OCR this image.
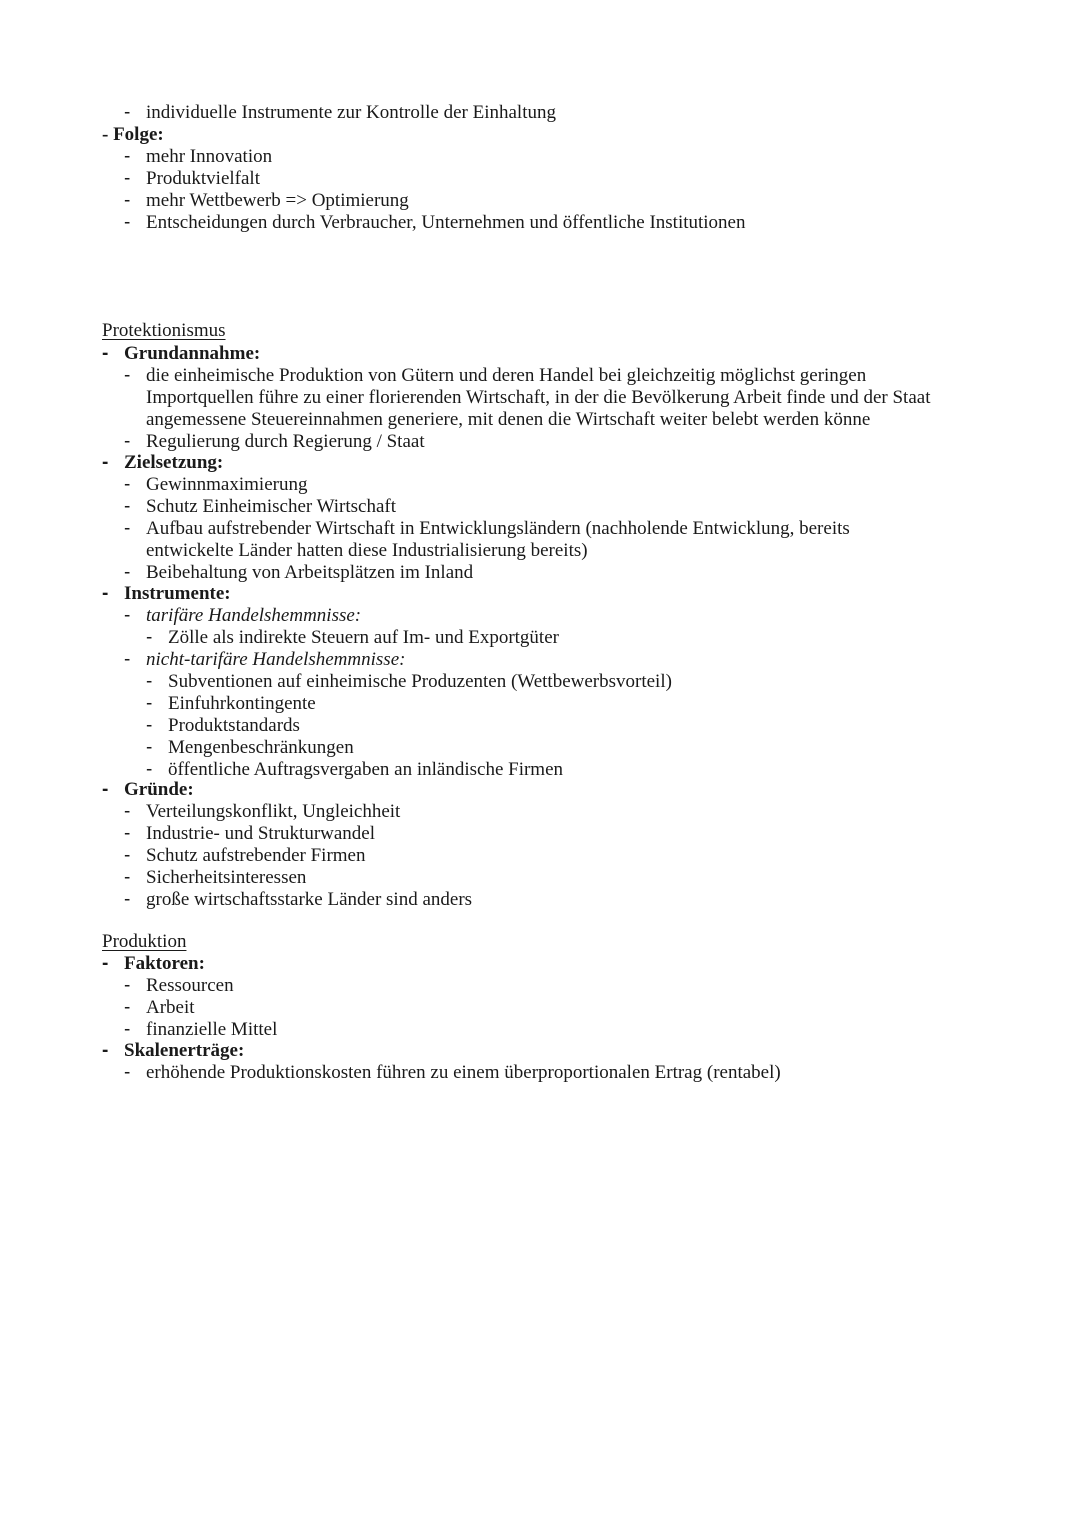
- individuelle Instrumente zur Kontrolle der Einhaltung
- Folge:
- mehr Innovation
- Produktvielfalt
- mehr Wettbewerb => Optimierung
- Entscheidungen durch Verbraucher, Unternehmen und öffentliche Institutionen
Protektionismus
- Grundannahme:
- die einheimische Produktion von Gütern und deren Handel bei gleichzeitig möglichst geringen
Importquellen führe zu einer florierenden Wirtschaft, in der die Bevölkerung Arbeit finde und der Staat
angemessene Steuereinnahmen generiere, mit denen die Wirtschaft weiter belebt werden könne
- Regulierung durch Regierung / Staat
- Zielsetzung:
- Gewinnmaximierung
- Schutz Einheimischer Wirtschaft
- Aufbau aufstrebender Wirtschaft in Entwicklungsländern (nachholende Entwicklung, bereits
entwickelte Länder hatten diese Industrialisierung bereits)
- Beibehaltung von Arbeitsplätzen im Inland
- Instrumente:
- tarifäre Handelshemmnisse:
- Zölle als indirekte Steuern auf Im- und Exportgüter
- nicht-tarifäre Handelshemmnisse:
- Subventionen auf einheimische Produzenten (Wettbewerbsvorteil)
- Einfuhrkontingente
- Produktstandards
- Mengenbeschränkungen
- öffentliche Auftragsvergaben an inländische Firmen
- Gründe:
- Verteilungskonflikt, Ungleichheit
- Industrie- und Strukturwandel
- Schutz aufstrebender Firmen
- Sicherheitsinteressen
- große wirtschaftsstarke Länder sind anders
Produktion
- Faktoren:
- Ressourcen
- Arbeit
- finanzielle Mittel
- Skalenerträge:
- erhöhende Produktionskosten führen zu einem überproportionalen Ertrag (rentabel)
